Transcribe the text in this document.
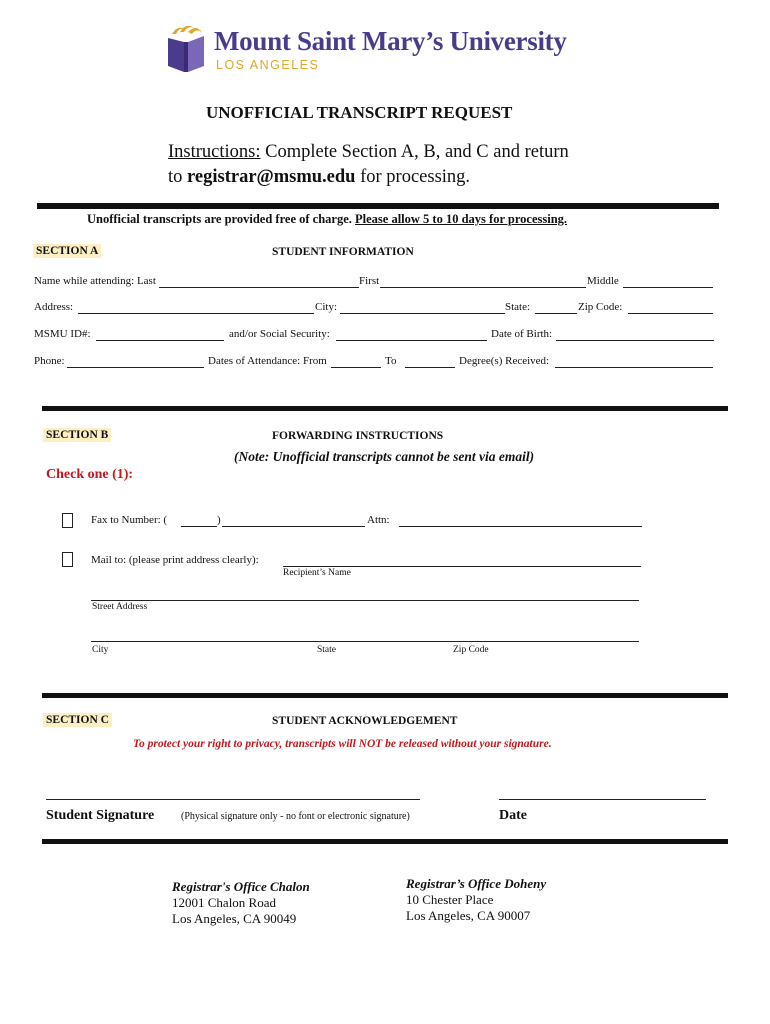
Mount Saint Mary’s University
LOS ANGELES
UNOFFICIAL TRANSCRIPT REQUEST
Instructions: Complete Section A, B, and C and return
to registrar@msmu.edu for processing.
Unofficial transcripts are provided free of charge. Please allow 5 to 10 days for processing.
SECTION A	STUDENT INFORMATION
Name while attending: Last	First	Middle
Address:	City:	State:	Zip Code:
MSMU ID#:	and/or Social Security:	Date of Birth:
Phone:	Dates of Attendance: From	To	Degree(s) Received:
SECTION B	FORWARDING INSTRUCTIONS
(Note: Unofficial transcripts cannot be sent via email)
Check one (1):
Fax to Number: (	)	Attn:
Mail to: (please print address clearly):
Recipient’s Name
Street Address
City	State	Zip Code
SECTION C	STUDENT ACKNOWLEDGEMENT
To protect your right to privacy, transcripts will NOT be released without your signature.
Student Signature	(Physical signature only - no font or electronic signature)	Date
Registrar's Office Chalon
12001 Chalon Road
Los Angeles, CA 90049
Registrar’s Office Doheny
10 Chester Place
Los Angeles, CA 90007
